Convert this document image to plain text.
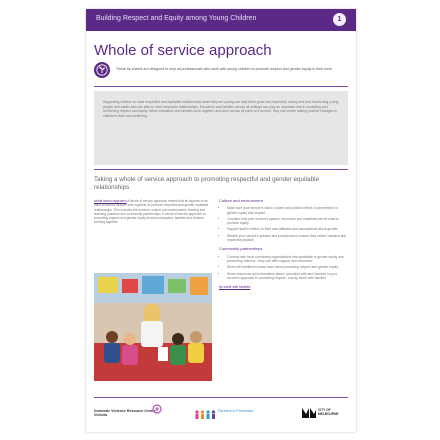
Building Respect and Equity among Young Children	1
Whole of service approach
These tip sheets are designed to help all professionals who work with young children to promote respect and gender equity in their work.
Supporting children to have respectful and equitable relationships when they are young can help them grow into respectful, caring and well-functioning young people and adults who are able to have respectful relationships. Educators and families across all settings can play an important role in modelling and reinforcing respect and equity. When educators and families work together and work across all parts of a service, they can create lasting positive changes in children's lives and wellbeing.
Taking a whole of service approach to promoting respectful and gender equitable relationships
whole school approach A whole of service approach means that all aspects of an early childhood service work together to promote respectful and gender equitable relationships. This includes the service's culture and environment, learning and teaching practices and community partnerships. A whole of service approach to promoting respect and gender equity involves educators, families and children working together.
Culture and environment
• Make sure your service's vision, values and policies reflect a commitment to gender equity and respect.
• Consider how your service's spaces, resources and materials can be used to promote equity.
• Support staff to reflect on their own attitudes and assumptions about gender.
• Review your service's policies and procedures to ensure they reflect inclusive and respectful practice.
Community partnerships
• Connect with local community organisations that specialise in gender equity and preventing violence - they can offer support and resources.
• Work with families to know more about promoting respect and gender equity.
• Share resources and information about, consulted with and involved in your service's approach to promoting respect - use tip sheet with families.
tip sheet with families
Domestic Violence Resource Centre Victoria
Partners in Prevention	CITY OF MELBOURNE
